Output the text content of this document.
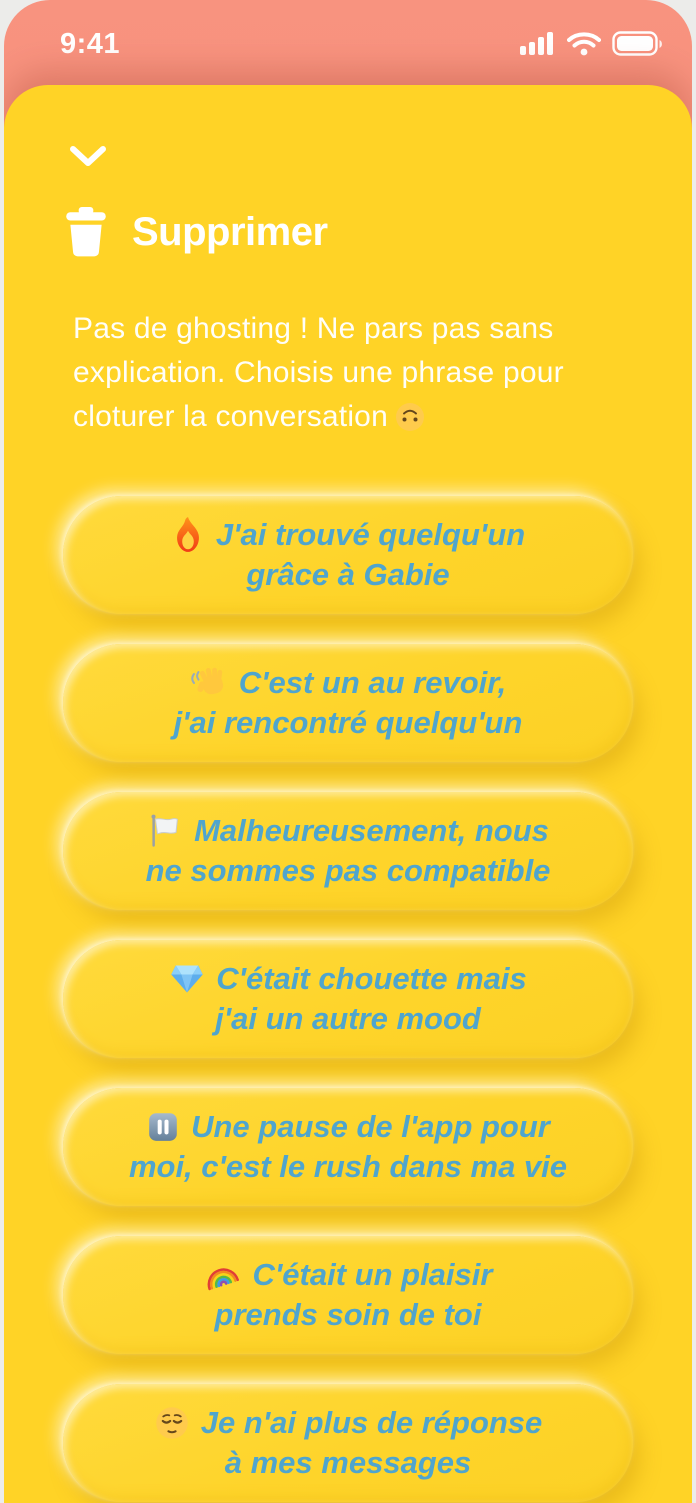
9:41
Supprimer
Pas de ghosting ! Ne pars pas sans
explication. Choisis une phrase pour
cloturer la conversation
J'ai trouvé quelqu'un
grâce à Gabie
C'est un au revoir,
j'ai rencontré quelqu'un
Malheureusement, nous
ne sommes pas compatible
C'était chouette mais
j'ai un autre mood
Une pause de l'app pour
moi, c'est le rush dans ma vie
C'était un plaisir
prends soin de toi
Je n'ai plus de réponse
à mes messages
